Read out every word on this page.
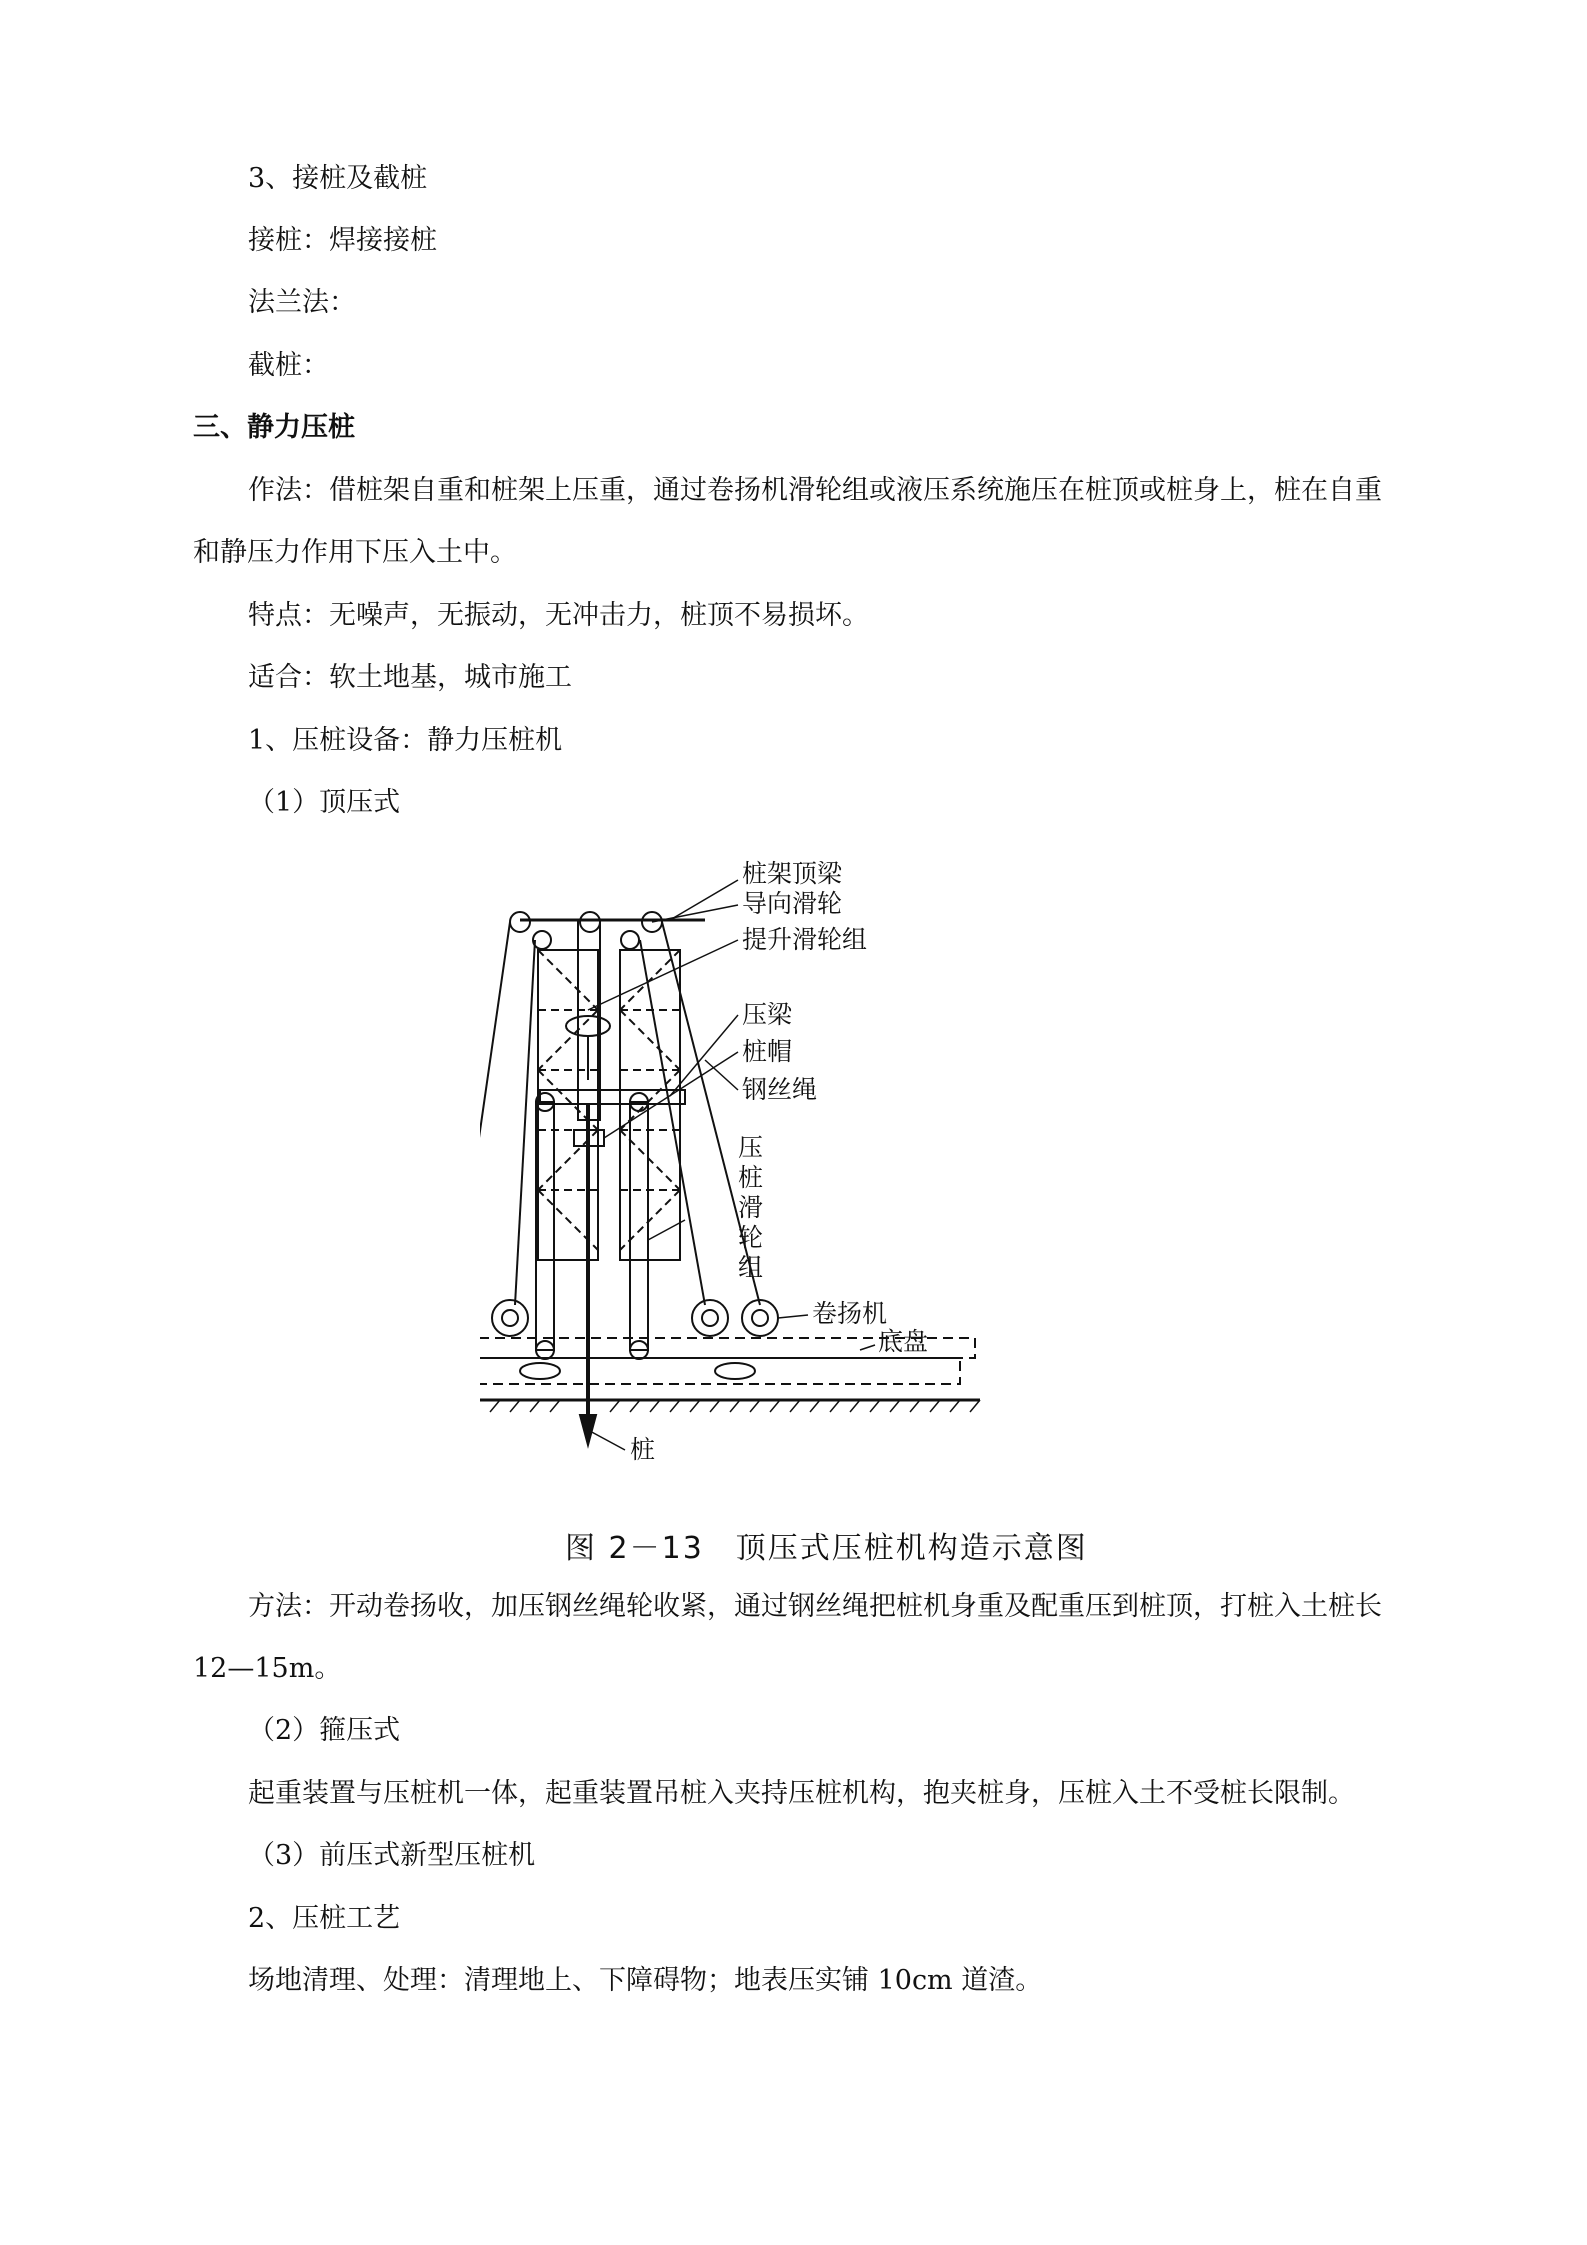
3、接桩及截桩
接桩：焊接接桩
法兰法：
截桩：
三、静力压桩
作法：借桩架自重和桩架上压重，通过卷扬机滑轮组或液压系统施压在桩顶或桩身上，桩在自重
和静压力作用下压入土中。
特点：无噪声，无振动，无冲击力，桩顶不易损坏。
适合：软土地基，城市施工
1、压桩设备：静力压桩机
（1）顶压式
桩架顶梁
导向滑轮
提升滑轮组
压梁
桩帽
钢丝绳
压
桩
滑
轮
组
卷扬机
底盘
桩
图 2－13　顶压式压桩机构造示意图
方法：开动卷扬收，加压钢丝绳轮收紧，通过钢丝绳把桩机身重及配重压到桩顶，打桩入土桩长
12—15m。
（2）箍压式
起重装置与压桩机一体，起重装置吊桩入夹持压桩机构，抱夹桩身，压桩入土不受桩长限制。
（3）前压式新型压桩机
2、压桩工艺
场地清理、处理：清理地上、下障碍物；地表压实铺 10cm 道渣。
